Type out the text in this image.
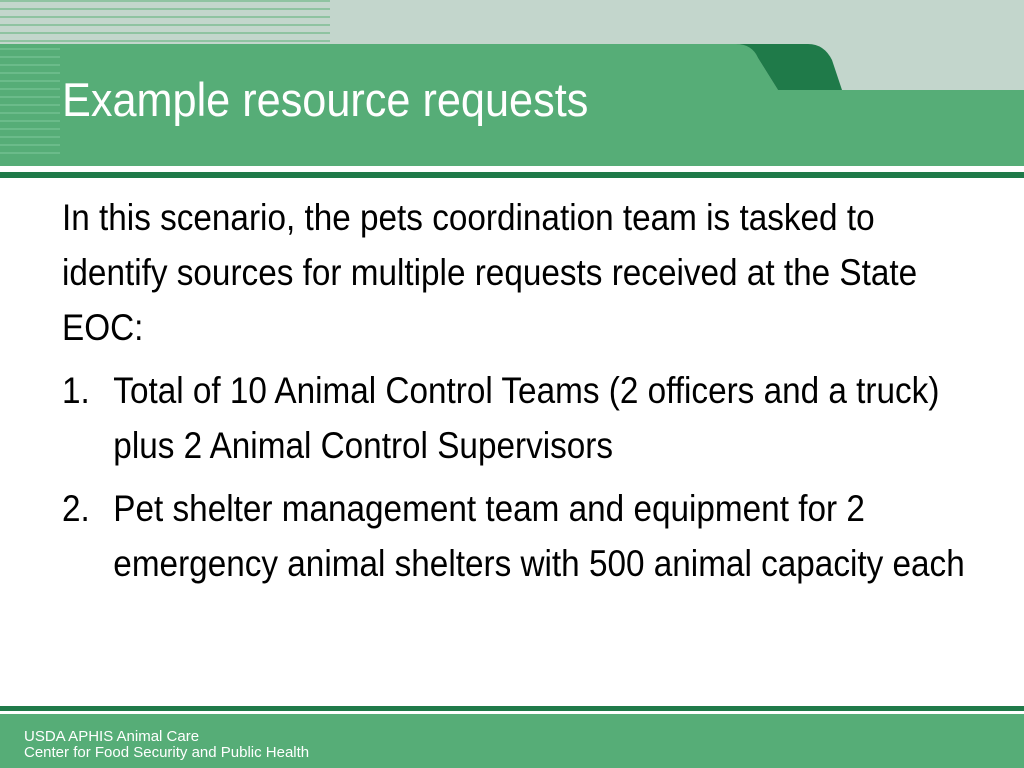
Example resource requests

In this scenario, the pets coordination team is tasked to identify sources for multiple requests received at the State EOC:

1. Total of 10 Animal Control Teams (2 officers and a truck) plus 2 Animal Control Supervisors
2. Pet shelter management team and equipment for 2 emergency animal shelters with 500 animal capacity each
USDA APHIS Animal Care
Center for Food Security and Public Health
